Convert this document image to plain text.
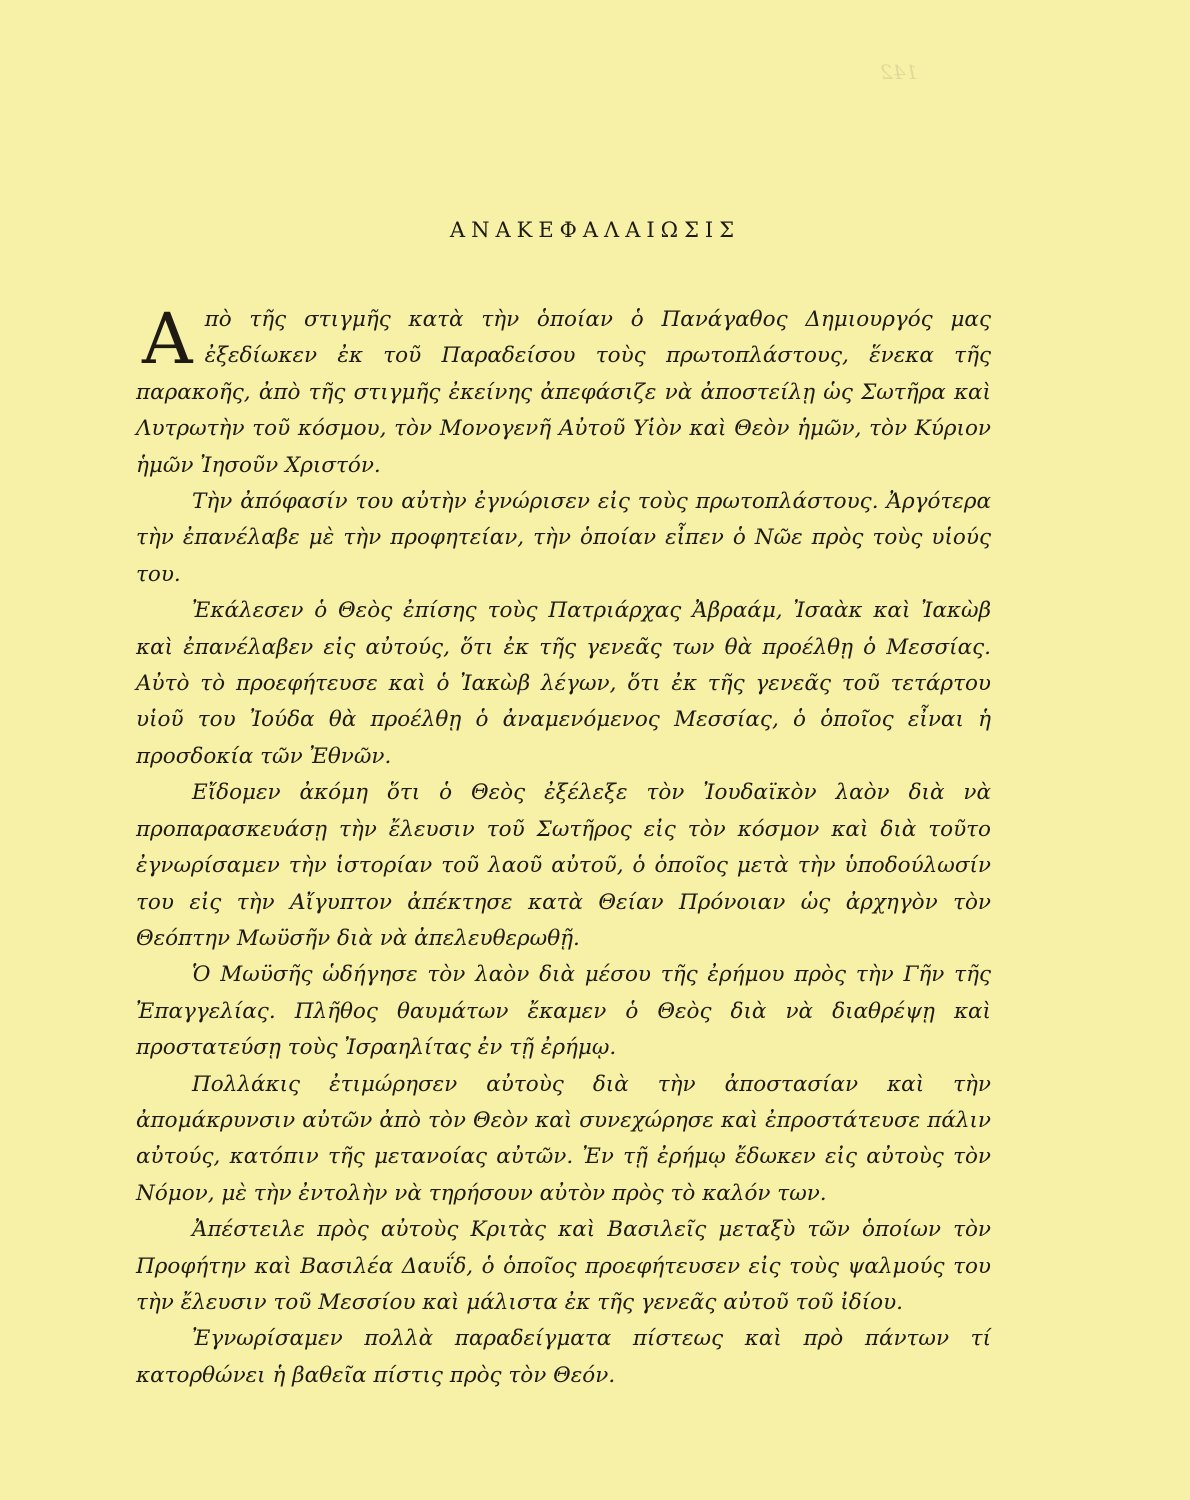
142
ΑΝΑΚΕΦΑΛΑΙΩΣΙΣ

Απὸ τῆς στιγμῆς κατὰ τὴν ὁποίαν ὁ Πανάγαθος Δημιουργός μας ἐξεδίωκεν ἐκ τοῦ Παραδείσου τοὺς πρωτοπλάστους, ἕνεκα τῆς παρακοῆς, ἀπὸ τῆς στιγμῆς ἐκείνης ἀπεφάσιζε νὰ ἀποστείλῃ ὡς Σωτῆρα καὶ Λυτρωτὴν τοῦ κόσμου, τὸν Μονογενῆ Αὐτοῦ Υἱὸν καὶ Θεὸν ἡμῶν, τὸν Κύριον ἡμῶν Ἰησοῦν Χριστόν.

Τὴν ἀπόφασίν του αὐτὴν ἐγνώρισεν εἰς τοὺς πρωτοπλάστους. Ἀργότερα τὴν ἐπανέλαβε μὲ τὴν προφητείαν, τὴν ὁποίαν εἶπεν ὁ Νῶε πρὸς τοὺς υἱούς του.

Ἐκάλεσεν ὁ Θεὸς ἐπίσης τοὺς Πατριάρχας Ἀβραάμ, Ἰσαὰκ καὶ Ἰακὼβ καὶ ἐπανέλαβεν εἰς αὐτούς, ὅτι ἐκ τῆς γενεᾶς των θὰ προέλθῃ ὁ Μεσσίας. Αὐτὸ τὸ προεφήτευσε καὶ ὁ Ἰακὼβ λέγων, ὅτι ἐκ τῆς γενεᾶς τοῦ τετάρτου υἱοῦ του Ἰούδα θὰ προέλθῃ ὁ ἀναμενόμενος Μεσσίας, ὁ ὁποῖος εἶναι ἡ προσδοκία τῶν Ἐθνῶν.

Εἴδομεν ἀκόμη ὅτι ὁ Θεὸς ἐξέλεξε τὸν Ἰουδαϊκὸν λαὸν διὰ νὰ προπαρασκευάσῃ τὴν ἔλευσιν τοῦ Σωτῆρος εἰς τὸν κόσμον καὶ διὰ τοῦτο ἐγνωρίσαμεν τὴν ἱστορίαν τοῦ λαοῦ αὐτοῦ, ὁ ὁποῖος μετὰ τὴν ὑποδούλωσίν του εἰς τὴν Αἴγυπτον ἀπέκτησε κατὰ Θείαν Πρόνοιαν ὡς ἀρχηγὸν τὸν Θεόπτην Μωϋσῆν διὰ νὰ ἀπελευθερωθῇ.

Ὁ Μωϋσῆς ὡδήγησε τὸν λαὸν διὰ μέσου τῆς ἐρήμου πρὸς τὴν Γῆν τῆς Ἐπαγγελίας. Πλῆθος θαυμάτων ἔκαμεν ὁ Θεὸς διὰ νὰ διαθρέψῃ καὶ προστατεύσῃ τοὺς Ἰσραηλίτας ἐν τῇ ἐρήμῳ.

Πολλάκις ἐτιμώρησεν αὐτοὺς διὰ τὴν ἀποστασίαν καὶ τὴν ἀπομάκρυνσιν αὐτῶν ἀπὸ τὸν Θεὸν καὶ συνεχώρησε καὶ ἐπροστάτευσε πάλιν αὐτούς, κατόπιν τῆς μετανοίας αὐτῶν. Ἐν τῇ ἐρήμῳ ἔδωκεν εἰς αὐτοὺς τὸν Νόμον, μὲ τὴν ἐντολὴν νὰ τηρήσουν αὐτὸν πρὸς τὸ καλόν των.

Ἀπέστειλε πρὸς αὐτοὺς Κριτὰς καὶ Βασιλεῖς μεταξὺ τῶν ὁποίων τὸν Προφήτην καὶ Βασιλέα Δαυΐδ, ὁ ὁποῖος προεφήτευσεν εἰς τοὺς ψαλμούς του τὴν ἔλευσιν τοῦ Μεσσίου καὶ μάλιστα ἐκ τῆς γενεᾶς αὐτοῦ τοῦ ἰδίου.

Ἐγνωρίσαμεν πολλὰ παραδείγματα πίστεως καὶ πρὸ πάντων τί κατορθώνει ἡ βαθεῖα πίστις πρὸς τὸν Θεόν.
